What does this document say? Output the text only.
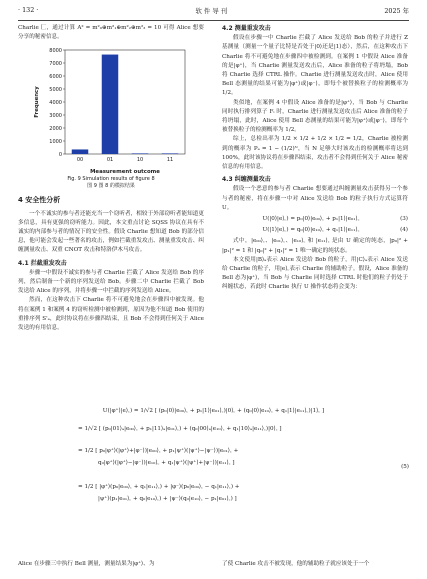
· 132 ·	软 件 导 刊	2025 年

Charlie 匚，通过计算 A² = m²₀⊕m²₁⊕m²₂⊕m²₃ = 10 可得 Alice 想要分享的秘密信息。

0
1000
2000
3000
4000
5000
6000
7000
8000
00	01	10	11
Measurement outcome
Frequency

Fig. 9 Simulation results of figure 8

图 9 图 8 的模拟结果

4 安全性分析

一个不诚实的参与者还能充当一个窃听者，相较于外部窃听者能知道更多信息，具有更强的窃听能力。因此，本文重点讨论 SQSS 协议在具有不诚实的内部参与者的情况下的安全性。假设 Charlie 想知道 Bob 的部分信息，他可能会发起一些著名的攻击，例如拦截重发攻击、测量重发攻击、纠缠测量攻击、双重 CNOT 攻击和特洛伊木马攻击。

4.1 拦截重发攻击

步骤一中假设不诚实的参与者 Charlie 拦截了 Alice 发送给 Bob 的序列，然后制备一个新的序列发送给 Bob。步骤二中 Charlie 拦截了 Bob 发送给 Alice 的序列，并将步骤一中拦截的序列发送给 Alice。

然而，在这种攻击下 Charlie 将不可避免地会在步骤四中被发现。他将在案例 1 和案例 4 的窃听检测中被检测到，原因为他不知道 Bob 使用的重排序列 S'ₐ，此时协议将在步骤四结束，且 Bob 不会得到任何关于 Alice 发送的有用信息。

4.2 测量重发攻击

假设在步骤一中 Charlie 拦截了 Alice 发送给 Bob 的粒子并进行 Z 基测量（测量一个量子比特是否处于|0⟩还是|1⟩态），然后，在这种攻击下 Charlie 将不可避免地在步骤四中被检测到。在案例 1 中假设 Alice 准备的是|φ⁺⟩，当 Charlie 测量发送攻击后，Alice 准备的粒子将坍塌，Bob 将 Charlie 选择 CTRL 操作。Charlie 进行测量发送攻击时，Alice 使用 Bell 态测量的结果可能为|φ⁺⟩或|φ⁻⟩，即每个被替换粒子的检测概率为 1/2。

类似地，在案例 4 中假设 Alice 准备的是|φ⁺⟩，当 Bob 与 Charlie 同时执行排列算子 Fᵢ 时，Charlie 进行测量发送攻击后 Alice 准备的粒子将坍塌，此时，Alice 使用 Bell 态测量的结果可能为|φ⁺⟩或|φ⁻⟩，即每个被替换粒子的检测概率为 1/2。

综上，总检出率为 1/2 × 1/2 + 1/2 × 1/2 = 1/2，Charlie 被检测到的概率为 Pₐ = 1 − (1/2)ᴺ，当 N 足够大时该攻击的检测概率将达到 100%，此时该协议将在步骤四结束，攻击者不会得到任何关于 Alice 秘密信息的有用信息。

4.3 纠缠测量攻击

假设一个恶意的参与者 Charlie 想要通过纠缠测量攻击获得另一个参与者的秘密，将在步骤一中对 Alice 发送给 Bob 的粒子执行方式运算符 U。

U(|0⟩|e⟩꜀) = p₀|0⟩|e₀₀⟩꜀ + p₁|1⟩|e₀₁⟩꜀	(3)
U(|1⟩|e⟩꜀) = q₀|0⟩|e₁₀⟩꜀ + q₁|1⟩|e₁₁⟩꜀	(4)

式中，|e₀₀⟩꜀、|e₀₁⟩꜀、|e₁₀⟩꜀ 和 |e₁₁⟩꜀ 是由 U 确定的纯态，|p₀|² + |p₁|² = 1 和 |q₀|² + |q₁|² = 1 唯一确定的纯状态。

本文使用|B⟩ₐ表示 Alice 发送给 Bob 的粒子，用|C⟩ₐ表示 Alice 发送给 Charlie 的粒子，用|e⟩꜀表示 Charlie 的辅助粒子。假设，Alice 准备的 Bell 态为|φ⁺⟩，当 Bob 与 Charlie 同时选择 CTRL 时他们的粒子仍处于纠缠状态，若此时 Charlie 执行 U 操作状态将会变为：

U(|φ⁺⟩|e⟩꜀) = 1/√2 [ (p₀|0⟩|e₀₀⟩꜀ + p₁|1⟩|e₀₁⟩꜀)|0⟩꜀ + (q₀|0⟩|e₁₀⟩꜀ + q₁|1⟩|e₁₁⟩꜀)|1⟩꜀ ]
= 1/√2 [ (p₀|01⟩ₐ|e₀₀⟩꜀ + p₁|11⟩ₐ|e₀₁⟩꜀) + (q₀|00⟩ₐ|e₁₀⟩꜀ + q₁|10⟩ₐ|e₁₁⟩꜀)|0⟩꜀ ]
= 1/2 [ p₀|φ⁺⟩(|φ⁺⟩+|φ⁻⟩)|e₀₀⟩꜀ + p₁|ψ⁺⟩(|ψ⁺⟩−|ψ⁻⟩)|e₀₁⟩꜀ +
q₀|φ⁺⟩(|φ⁺⟩−|φ⁻⟩)|e₁₀⟩꜀ + q₁|ψ⁺⟩(|ψ⁺⟩+|ψ⁻⟩)|e₁₁⟩꜀ ]
(5)
= 1/2 [ |φ⁺⟩(p₀|e₀₀⟩꜀ + q₁|e₁₁⟩꜀) + |φ⁻⟩(p₀|e₀₀⟩꜀ − q₁|e₁₁⟩꜀) +
|ψ⁺⟩(p₁|e₀₁⟩꜀ + q₀|e₁₀⟩꜀) + |ψ⁻⟩(q₀|e₁₀⟩꜀ − p₁|e₀₁⟩꜀) ]
Alice 在步骤三中执行 Bell 测量，测量结果为|φ⁺⟩、为	了使 Charlie 攻击不被发现，他的辅助粒子就应该处于一个
